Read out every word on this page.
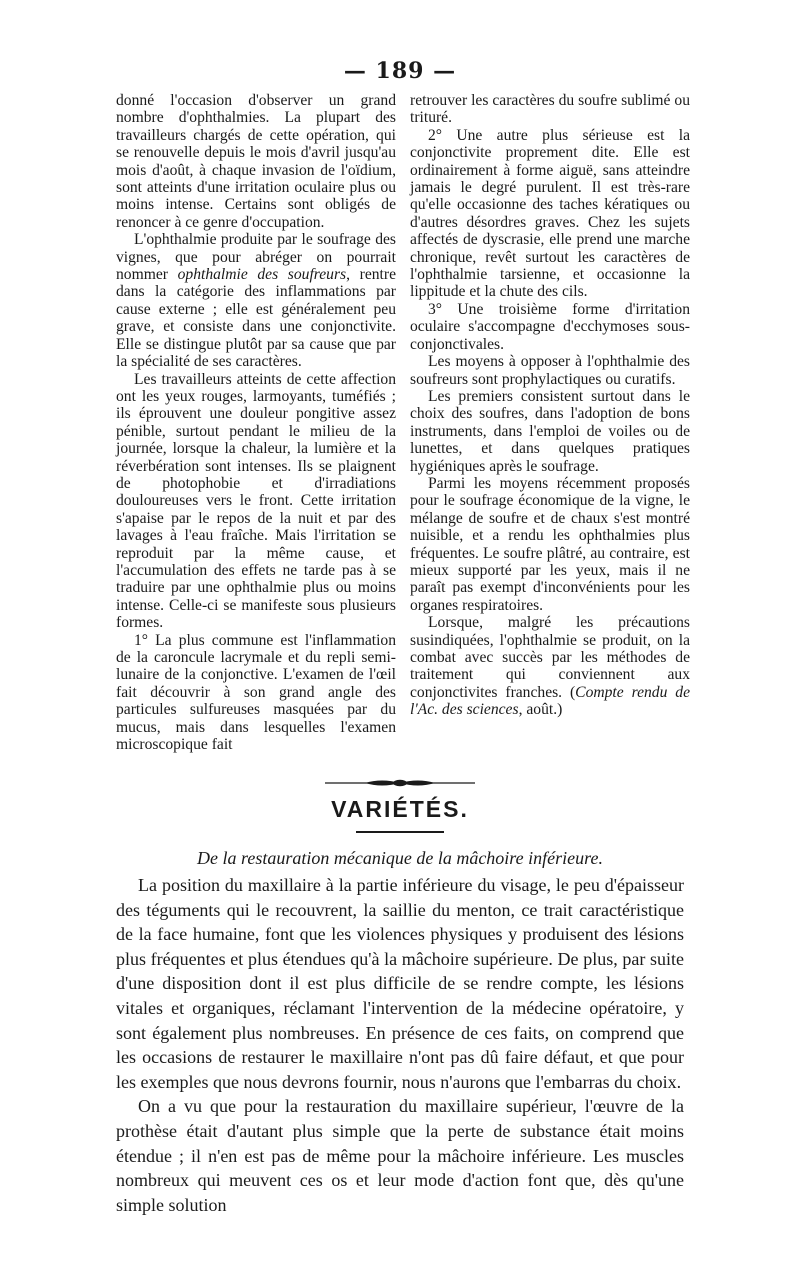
— 189 —

donné l'occasion d'observer un grand nombre d'ophthalmies. La plupart des travailleurs chargés de cette opération, qui se renouvelle depuis le mois d'avril jusqu'au mois d'août, à chaque invasion de l'oïdium, sont atteints d'une irritation oculaire plus ou moins intense. Certains sont obligés de renoncer à ce genre d'occupation.

L'ophthalmie produite par le soufrage des vignes, que pour abréger on pourrait nommer ophthalmie des soufreurs, rentre dans la catégorie des inflammations par cause externe ; elle est généralement peu grave, et consiste dans une conjonctivite. Elle se distingue plutôt par sa cause que par la spécialité de ses caractères.

Les travailleurs atteints de cette affection ont les yeux rouges, larmoyants, tuméfiés ; ils éprouvent une douleur pongitive assez pénible, surtout pendant le milieu de la journée, lorsque la chaleur, la lumière et la réverbération sont intenses. Ils se plaignent de photophobie et d'irradiations douloureuses vers le front. Cette irritation s'apaise par le repos de la nuit et par des lavages à l'eau fraîche. Mais l'irritation se reproduit par la même cause, et l'accumulation des effets ne tarde pas à se traduire par une ophthalmie plus ou moins intense. Celle-ci se manifeste sous plusieurs formes.

1° La plus commune est l'inflammation de la caroncule lacrymale et du repli semi-lunaire de la conjonctive. L'examen de l'œil fait découvrir à son grand angle des particules sulfureuses masquées par du mucus, mais dans lesquelles l'examen microscopique fait

retrouver les caractères du soufre sublimé ou trituré.

2° Une autre plus sérieuse est la conjonctivite proprement dite. Elle est ordinairement à forme aiguë, sans atteindre jamais le degré purulent. Il est très-rare qu'elle occasionne des taches kératiques ou d'autres désordres graves. Chez les sujets affectés de dyscrasie, elle prend une marche chronique, revêt surtout les caractères de l'ophthalmie tarsienne, et occasionne la lippitude et la chute des cils.

3° Une troisième forme d'irritation oculaire s'accompagne d'ecchymoses sous-conjonctivales.

Les moyens à opposer à l'ophthalmie des soufreurs sont prophylactiques ou curatifs.

Les premiers consistent surtout dans le choix des soufres, dans l'adoption de bons instruments, dans l'emploi de voiles ou de lunettes, et dans quelques pratiques hygiéniques après le soufrage.

Parmi les moyens récemment proposés pour le soufrage économique de la vigne, le mélange de soufre et de chaux s'est montré nuisible, et a rendu les ophthalmies plus fréquentes. Le soufre plâtré, au contraire, est mieux supporté par les yeux, mais il ne paraît pas exempt d'inconvénients pour les organes respiratoires.

Lorsque, malgré les précautions susindiquées, l'ophthalmie se produit, on la combat avec succès par les méthodes de traitement qui conviennent aux conjonctivites franches. (Compte rendu de l'Ac. des sciences, août.)

VARIÉTÉS.
De la restauration mécanique de la mâchoire inférieure.

La position du maxillaire à la partie inférieure du visage, le peu d'épaisseur des téguments qui le recouvrent, la saillie du menton, ce trait caractéristique de la face humaine, font que les violences physiques y produisent des lésions plus fréquentes et plus étendues qu'à la mâchoire supérieure. De plus, par suite d'une disposition dont il est plus difficile de se rendre compte, les lésions vitales et organiques, réclamant l'intervention de la médecine opératoire, y sont également plus nombreuses. En présence de ces faits, on comprend que les occasions de restaurer le maxillaire n'ont pas dû faire défaut, et que pour les exemples que nous devrons fournir, nous n'aurons que l'embarras du choix.

On a vu que pour la restauration du maxillaire supérieur, l'œuvre de la prothèse était d'autant plus simple que la perte de substance était moins étendue ; il n'en est pas de même pour la mâchoire inférieure. Les muscles nombreux qui meuvent ces os et leur mode d'action font que, dès qu'une simple solution
